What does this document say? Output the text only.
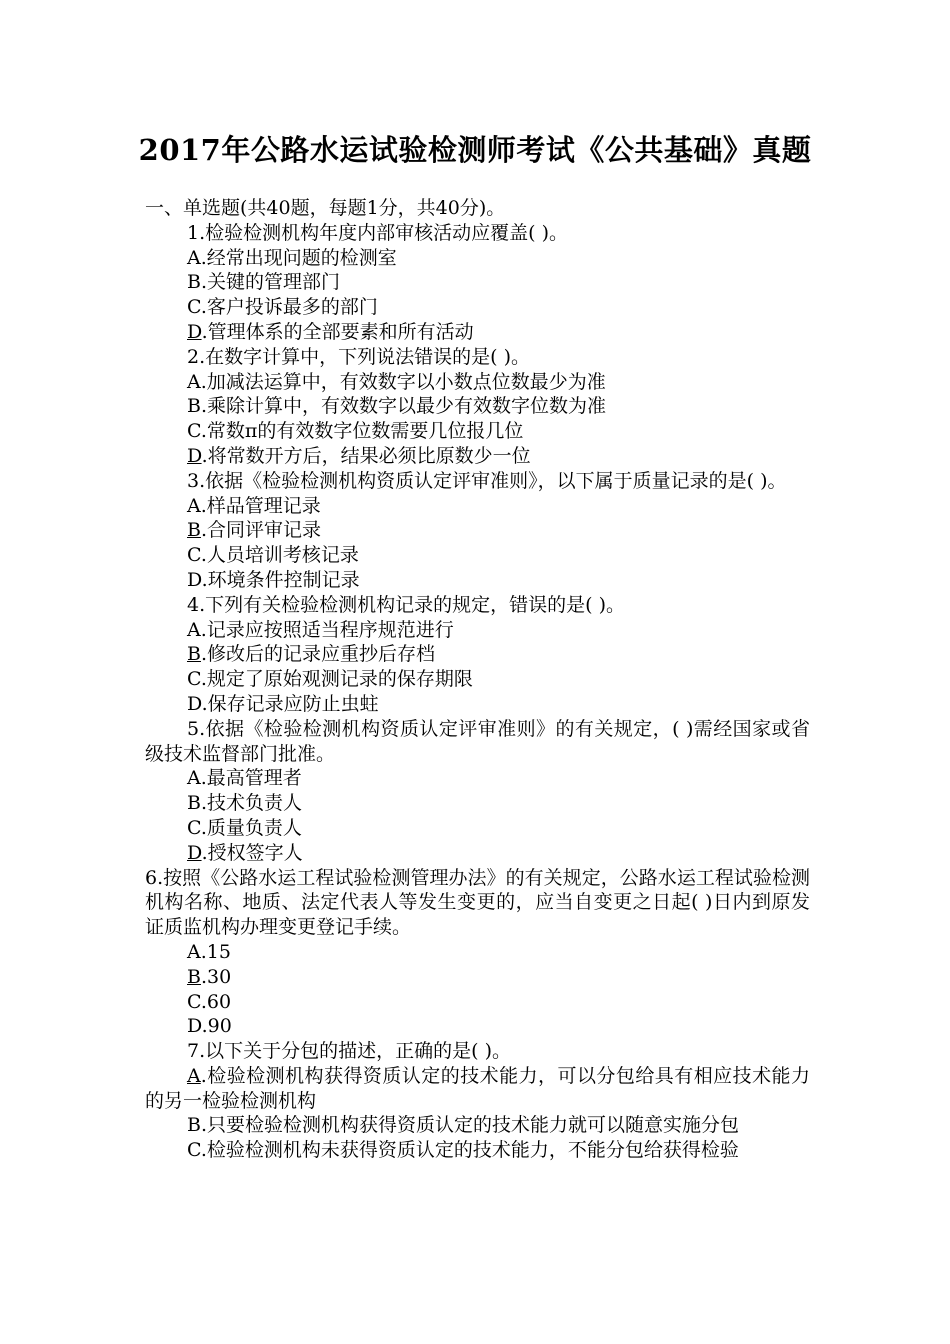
2017年公路水运试验检测师考试《公共基础》真题
一、单选题(共40题，每题1分，共40分)。
1.检验检测机构年度内部审核活动应覆盖( )。
A.经常出现问题的检测室
B.关键的管理部门
C.客户投诉最多的部门
D.管理体系的全部要素和所有活动
2.在数字计算中，下列说法错误的是( )。
A.加减法运算中，有效数字以小数点位数最少为准
B.乘除计算中，有效数字以最少有效数字位数为准
C.常数π的有效数字位数需要几位报几位
D.将常数开方后，结果必须比原数少一位
3.依据《检验检测机构资质认定评审准则》，以下属于质量记录的是( )。
A.样品管理记录
B.合同评审记录
C.人员培训考核记录
D.环境条件控制记录
4.下列有关检验检测机构记录的规定，错误的是( )。
A.记录应按照适当程序规范进行
B.修改后的记录应重抄后存档
C.规定了原始观测记录的保存期限
D.保存记录应防止虫蛀
5.依据《检验检测机构资质认定评审准则》的有关规定，( )需经国家或省级技术监督部门批准。
A.最高管理者
B.技术负责人
C.质量负责人
D.授权签字人
6.按照《公路水运工程试验检测管理办法》的有关规定，公路水运工程试验检测机构名称、地质、法定代表人等发生变更的，应当自变更之日起( )日内到原发证质监机构办理变更登记手续。
A.15
B.30
C.60
D.90
7.以下关于分包的描述，正确的是( )。
A.检验检测机构获得资质认定的技术能力，可以分包给具有相应技术能力的另一检验检测机构
B.只要检验检测机构获得资质认定的技术能力就可以随意实施分包
C.检验检测机构未获得资质认定的技术能力，不能分包给获得检验
